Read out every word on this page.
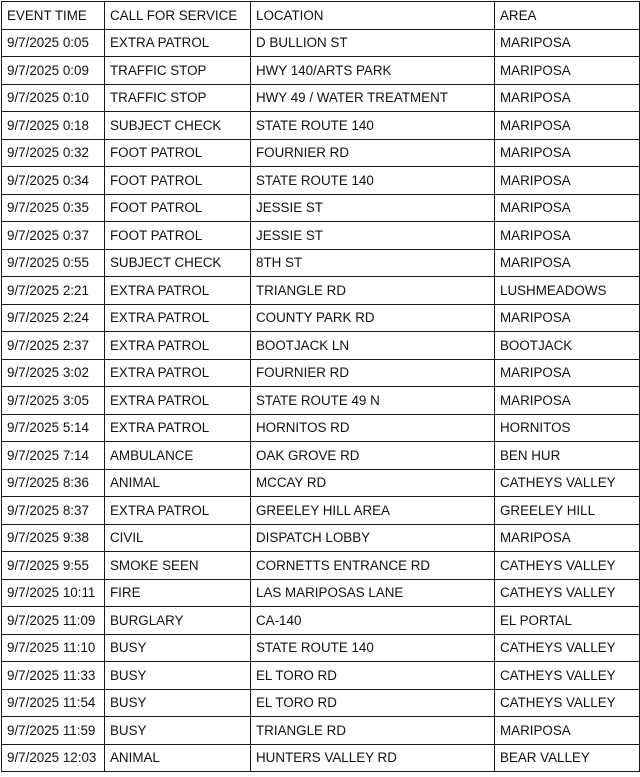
EVENT TIME	CALL FOR SERVICE	LOCATION	AREA
9/7/2025 0:05	EXTRA PATROL	D BULLION ST	MARIPOSA
9/7/2025 0:09	TRAFFIC STOP	HWY 140/ARTS PARK	MARIPOSA
9/7/2025 0:10	TRAFFIC STOP	HWY 49 / WATER TREATMENT	MARIPOSA
9/7/2025 0:18	SUBJECT CHECK	STATE ROUTE 140	MARIPOSA
9/7/2025 0:32	FOOT PATROL	FOURNIER RD	MARIPOSA
9/7/2025 0:34	FOOT PATROL	STATE ROUTE 140	MARIPOSA
9/7/2025 0:35	FOOT PATROL	JESSIE ST	MARIPOSA
9/7/2025 0:37	FOOT PATROL	JESSIE ST	MARIPOSA
9/7/2025 0:55	SUBJECT CHECK	8TH ST	MARIPOSA
9/7/2025 2:21	EXTRA PATROL	TRIANGLE RD	LUSHMEADOWS
9/7/2025 2:24	EXTRA PATROL	COUNTY PARK RD	MARIPOSA
9/7/2025 2:37	EXTRA PATROL	BOOTJACK LN	BOOTJACK
9/7/2025 3:02	EXTRA PATROL	FOURNIER RD	MARIPOSA
9/7/2025 3:05	EXTRA PATROL	STATE ROUTE 49 N	MARIPOSA
9/7/2025 5:14	EXTRA PATROL	HORNITOS RD	HORNITOS
9/7/2025 7:14	AMBULANCE	OAK GROVE RD	BEN HUR
9/7/2025 8:36	ANIMAL	MCCAY RD	CATHEYS VALLEY
9/7/2025 8:37	EXTRA PATROL	GREELEY HILL AREA	GREELEY HILL
9/7/2025 9:38	CIVIL	DISPATCH LOBBY	MARIPOSA
9/7/2025 9:55	SMOKE SEEN	CORNETTS ENTRANCE RD	CATHEYS VALLEY
9/7/2025 10:11	FIRE	LAS MARIPOSAS LANE	CATHEYS VALLEY
9/7/2025 11:09	BURGLARY	CA-140	EL PORTAL
9/7/2025 11:10	BUSY	STATE ROUTE 140	CATHEYS VALLEY
9/7/2025 11:33	BUSY	EL TORO RD	CATHEYS VALLEY
9/7/2025 11:54	BUSY	EL TORO RD	CATHEYS VALLEY
9/7/2025 11:59	BUSY	TRIANGLE RD	MARIPOSA
9/7/2025 12:03	ANIMAL	HUNTERS VALLEY RD	BEAR VALLEY
